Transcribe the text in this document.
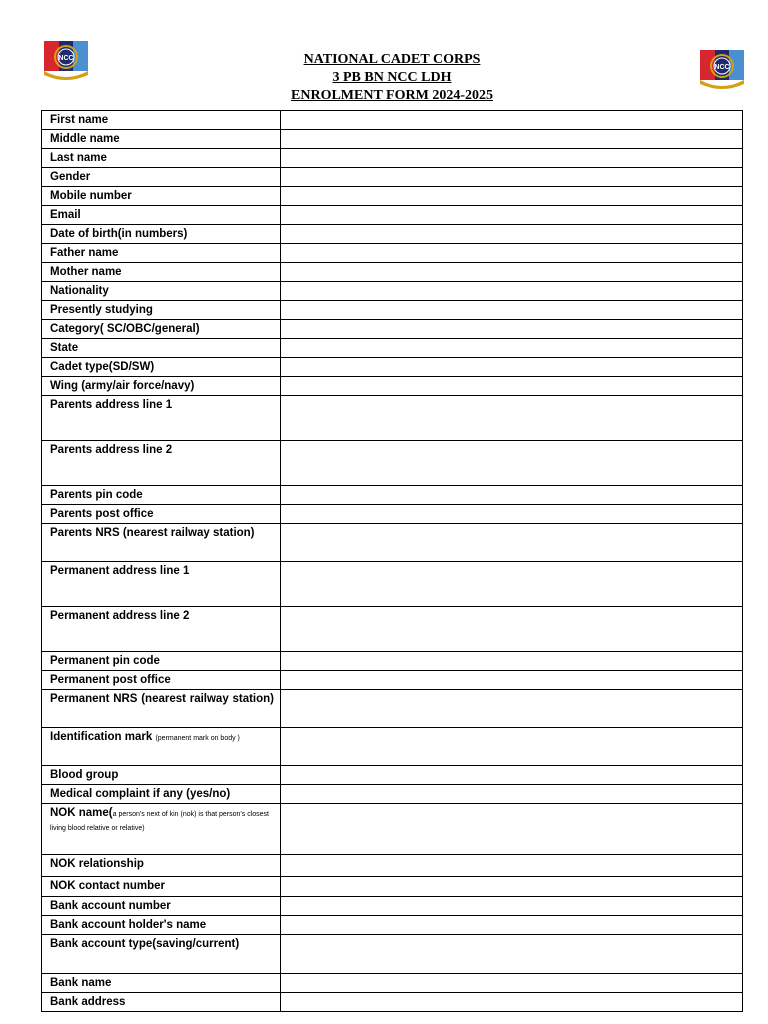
NCC	NATIONAL CADET CORPS
3 PB BN NCC LDH
ENROLMENT FORM 2024-2025
NCC
First name	
Middle name	
Last name	
Gender	
Mobile number	
Email	
Date of birth(in numbers)	
Father name	
Mother name	
Nationality	
Presently studying	
Category( SC/OBC/general)	
State	
Cadet type(SD/SW)	
Wing (army/air force/navy)	
Parents address line 1	
Parents address line 2	
Parents pin code	
Parents post office	
Parents NRS (nearest railway station)	
Permanent address line 1	
Permanent address line 2	
Permanent pin code	
Permanent post office	
Permanent NRS (nearest railway station)	
Identification mark (permanent mark on body )	
Blood group	
Medical complaint if any (yes/no)	
NOK name(a person's next of kin (nok) is that person's closest living blood relative or relative)	
NOK relationship	
NOK contact number	
Bank account number	
Bank account holder's name	
Bank account type(saving/current)	
Bank name	
Bank address	
